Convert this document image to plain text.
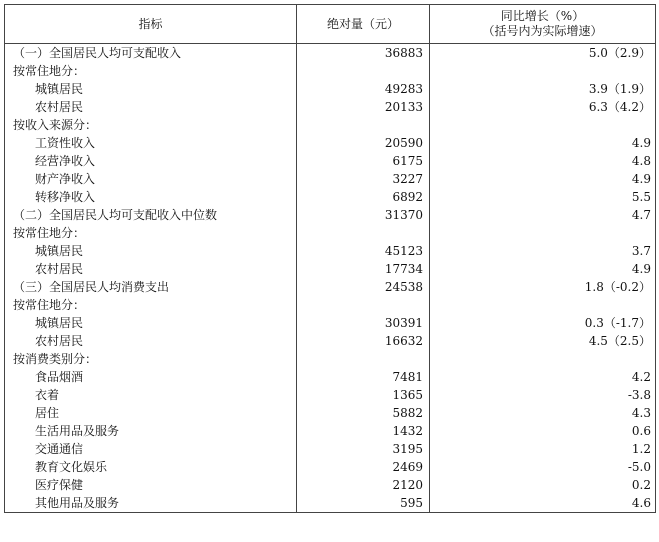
指标	绝对量（元）	同比增长（%）
（括号内为实际增速）

（一）全国居民人均可支配收入	36883	5.0（2.9）
按常住地分：		
城镇居民	49283	3.9（1.9）
农村居民	20133	6.3（4.2）
按收入来源分：		
工资性收入	20590	4.9
经营净收入	6175	4.8
财产净收入	3227	4.9
转移净收入	6892	5.5
（二）全国居民人均可支配收入中位数	31370	4.7
按常住地分：		
城镇居民	45123	3.7
农村居民	17734	4.9
（三）全国居民人均消费支出	24538	1.8（-0.2）
按常住地分：		
城镇居民	30391	0.3（-1.7）
农村居民	16632	4.5（2.5）
按消费类别分：		
食品烟酒	7481	4.2
衣着	1365	-3.8
居住	5882	4.3
生活用品及服务	1432	0.6
交通通信	3195	1.2
教育文化娱乐	2469	-5.0
医疗保健	2120	0.2
其他用品及服务	595	4.6
